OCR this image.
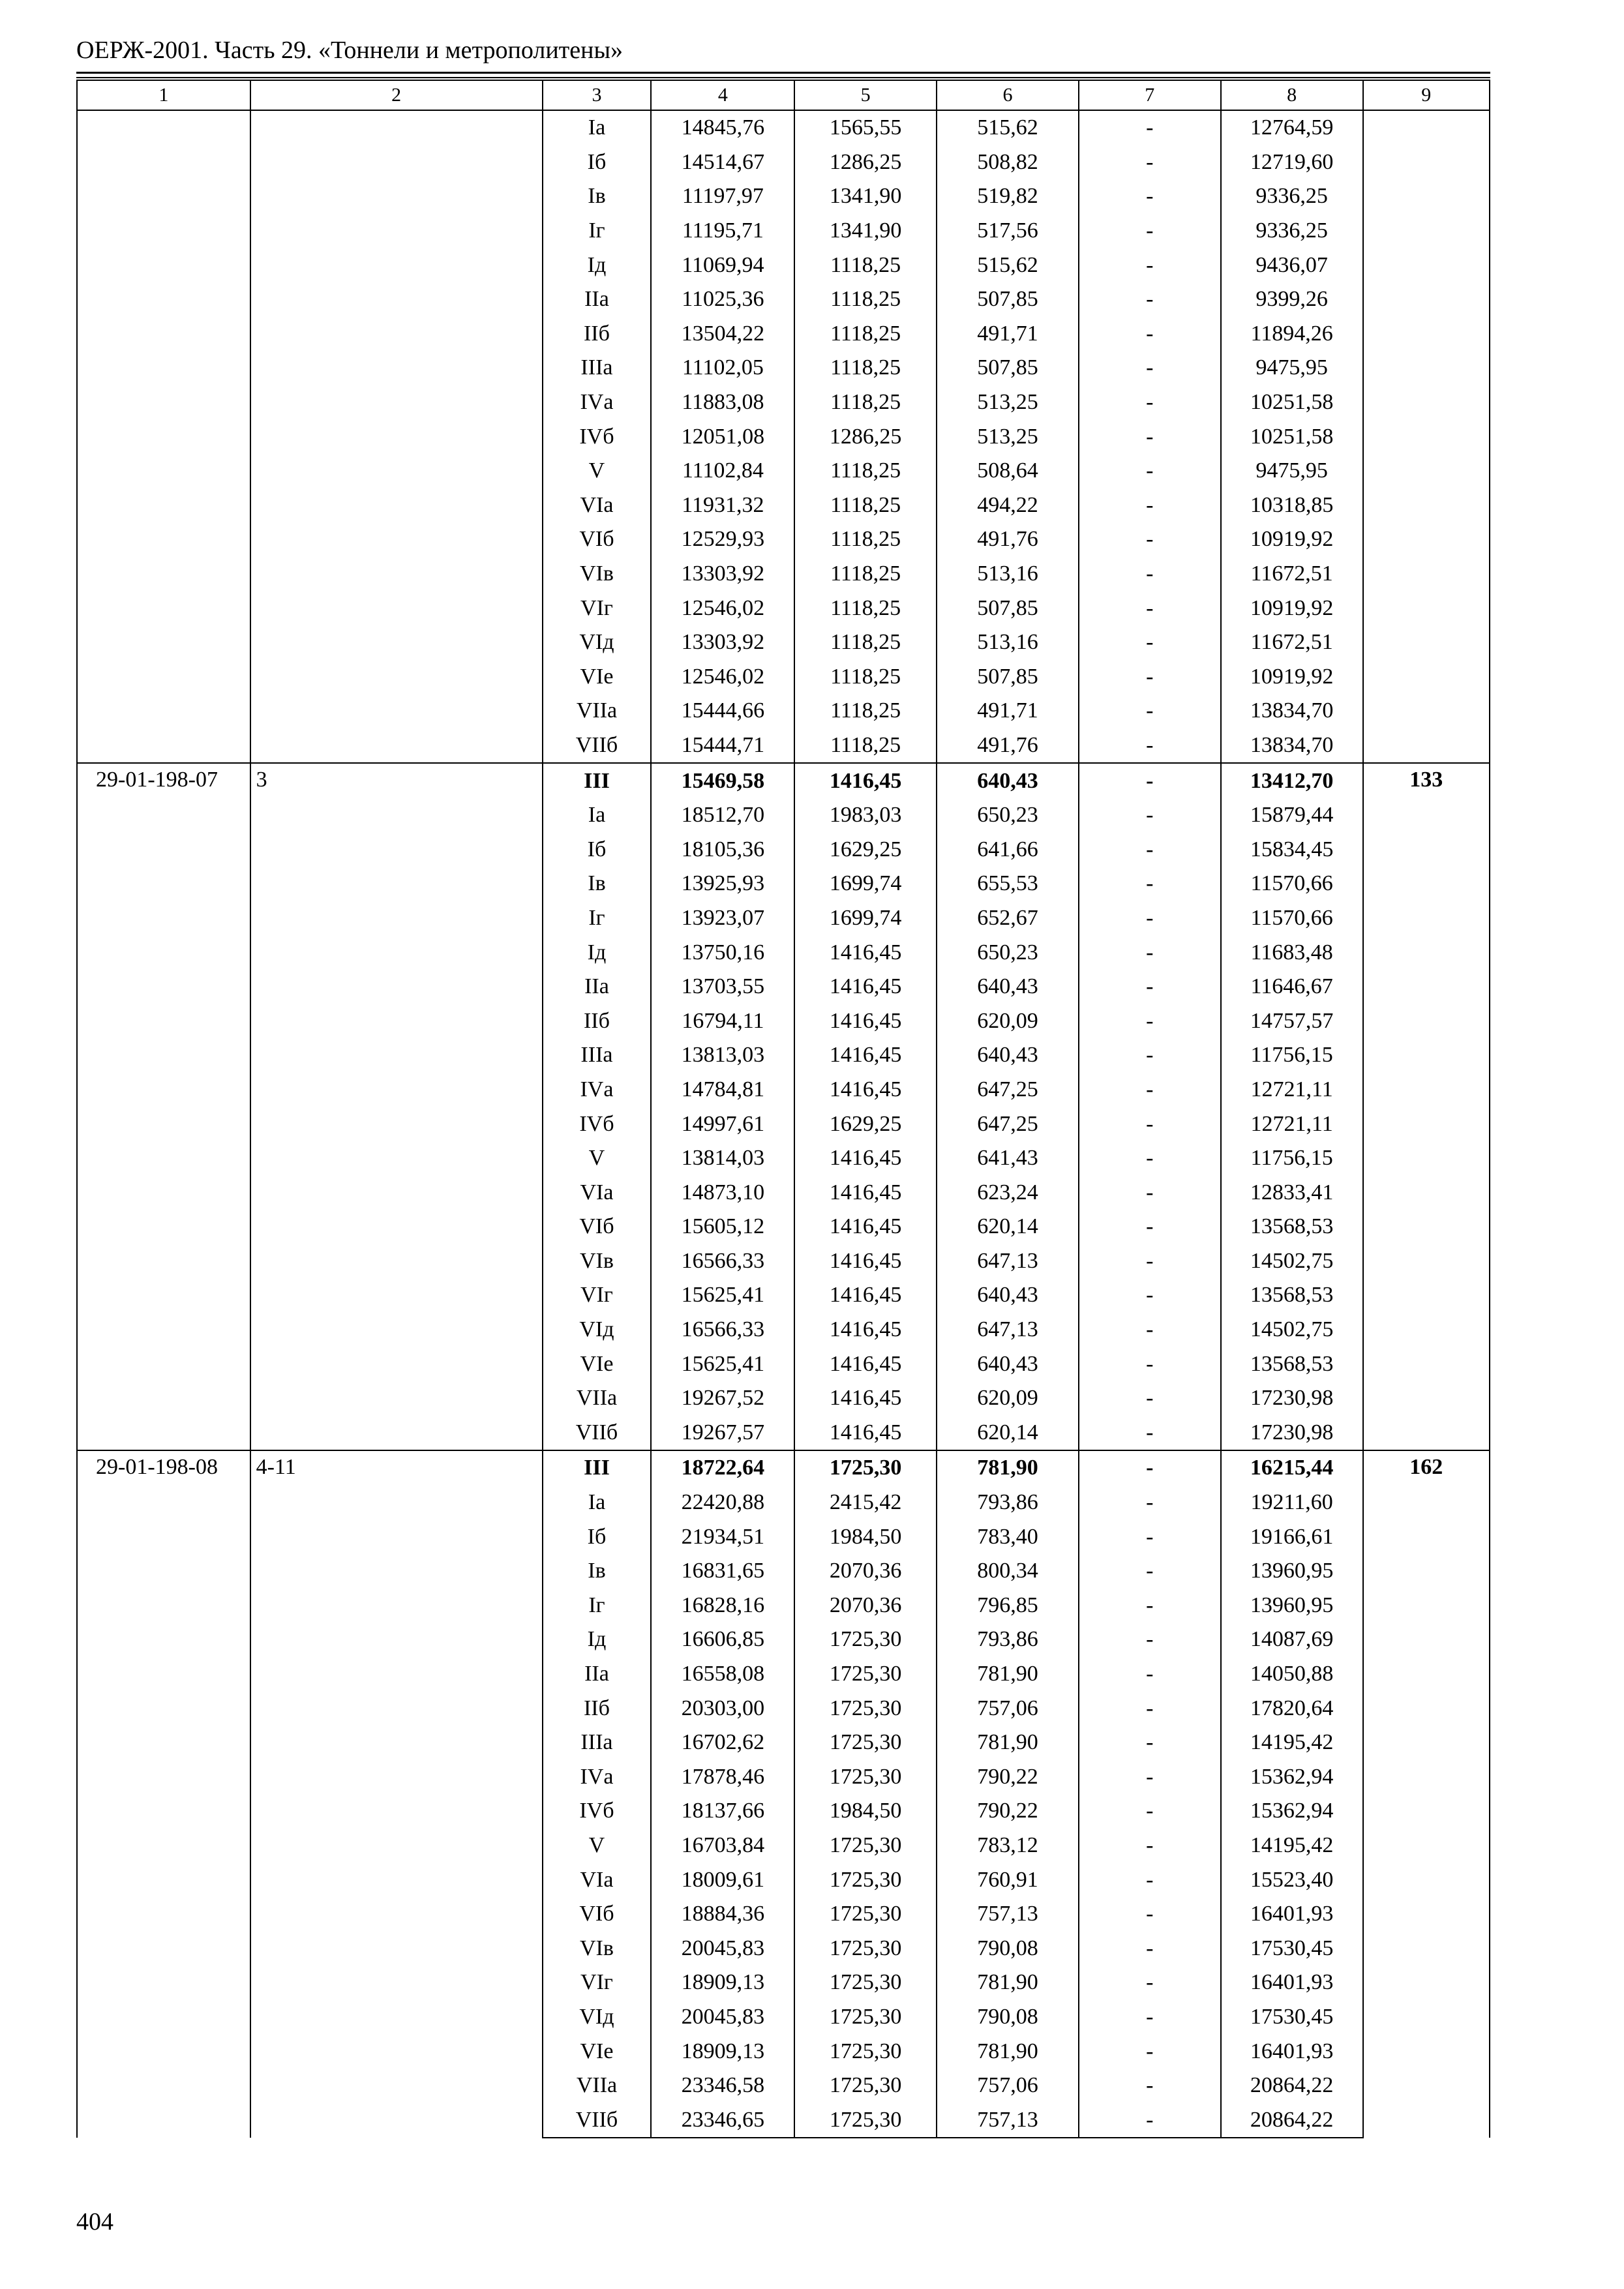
ОЕРЖ-2001. Часть 29. «Тоннели и метрополитены»
1	2	3	4	5	6	7	8	9
		Iа	14845,76	1565,55	515,62	-	12764,59	
		Iб	14514,67	1286,25	508,82	-	12719,60	
		Iв	11197,97	1341,90	519,82	-	9336,25	
		Iг	11195,71	1341,90	517,56	-	9336,25	
		Iд	11069,94	1118,25	515,62	-	9436,07	
		IIа	11025,36	1118,25	507,85	-	9399,26	
		IIб	13504,22	1118,25	491,71	-	11894,26	
		IIIа	11102,05	1118,25	507,85	-	9475,95	
		IVа	11883,08	1118,25	513,25	-	10251,58	
		IVб	12051,08	1286,25	513,25	-	10251,58	
		V	11102,84	1118,25	508,64	-	9475,95	
		VIа	11931,32	1118,25	494,22	-	10318,85	
		VIб	12529,93	1118,25	491,76	-	10919,92	
		VIв	13303,92	1118,25	513,16	-	11672,51	
		VIг	12546,02	1118,25	507,85	-	10919,92	
		VIд	13303,92	1118,25	513,16	-	11672,51	
		VIе	12546,02	1118,25	507,85	-	10919,92	
		VIIа	15444,66	1118,25	491,71	-	13834,70	
		VIIб	15444,71	1118,25	491,76	-	13834,70	
29-01-198-07	3	III	15469,58	1416,45	640,43	-	13412,70	133
		Iа	18512,70	1983,03	650,23	-	15879,44	
		Iб	18105,36	1629,25	641,66	-	15834,45	
		Iв	13925,93	1699,74	655,53	-	11570,66	
		Iг	13923,07	1699,74	652,67	-	11570,66	
		Iд	13750,16	1416,45	650,23	-	11683,48	
		IIа	13703,55	1416,45	640,43	-	11646,67	
		IIб	16794,11	1416,45	620,09	-	14757,57	
		IIIа	13813,03	1416,45	640,43	-	11756,15	
		IVа	14784,81	1416,45	647,25	-	12721,11	
		IVб	14997,61	1629,25	647,25	-	12721,11	
		V	13814,03	1416,45	641,43	-	11756,15	
		VIа	14873,10	1416,45	623,24	-	12833,41	
		VIб	15605,12	1416,45	620,14	-	13568,53	
		VIв	16566,33	1416,45	647,13	-	14502,75	
		VIг	15625,41	1416,45	640,43	-	13568,53	
		VIд	16566,33	1416,45	647,13	-	14502,75	
		VIе	15625,41	1416,45	640,43	-	13568,53	
		VIIа	19267,52	1416,45	620,09	-	17230,98	
		VIIб	19267,57	1416,45	620,14	-	17230,98	
29-01-198-08	4-11	III	18722,64	1725,30	781,90	-	16215,44	162
		Iа	22420,88	2415,42	793,86	-	19211,60	
		Iб	21934,51	1984,50	783,40	-	19166,61	
		Iв	16831,65	2070,36	800,34	-	13960,95	
		Iг	16828,16	2070,36	796,85	-	13960,95	
		Iд	16606,85	1725,30	793,86	-	14087,69	
		IIа	16558,08	1725,30	781,90	-	14050,88	
		IIб	20303,00	1725,30	757,06	-	17820,64	
		IIIа	16702,62	1725,30	781,90	-	14195,42	
		IVа	17878,46	1725,30	790,22	-	15362,94	
		IVб	18137,66	1984,50	790,22	-	15362,94	
		V	16703,84	1725,30	783,12	-	14195,42	
		VIа	18009,61	1725,30	760,91	-	15523,40	
		VIб	18884,36	1725,30	757,13	-	16401,93	
		VIв	20045,83	1725,30	790,08	-	17530,45	
		VIг	18909,13	1725,30	781,90	-	16401,93	
		VIд	20045,83	1725,30	790,08	-	17530,45	
		VIе	18909,13	1725,30	781,90	-	16401,93	
		VIIа	23346,58	1725,30	757,06	-	20864,22	
		VIIб	23346,65	1725,30	757,13	-	20864,22	
404
